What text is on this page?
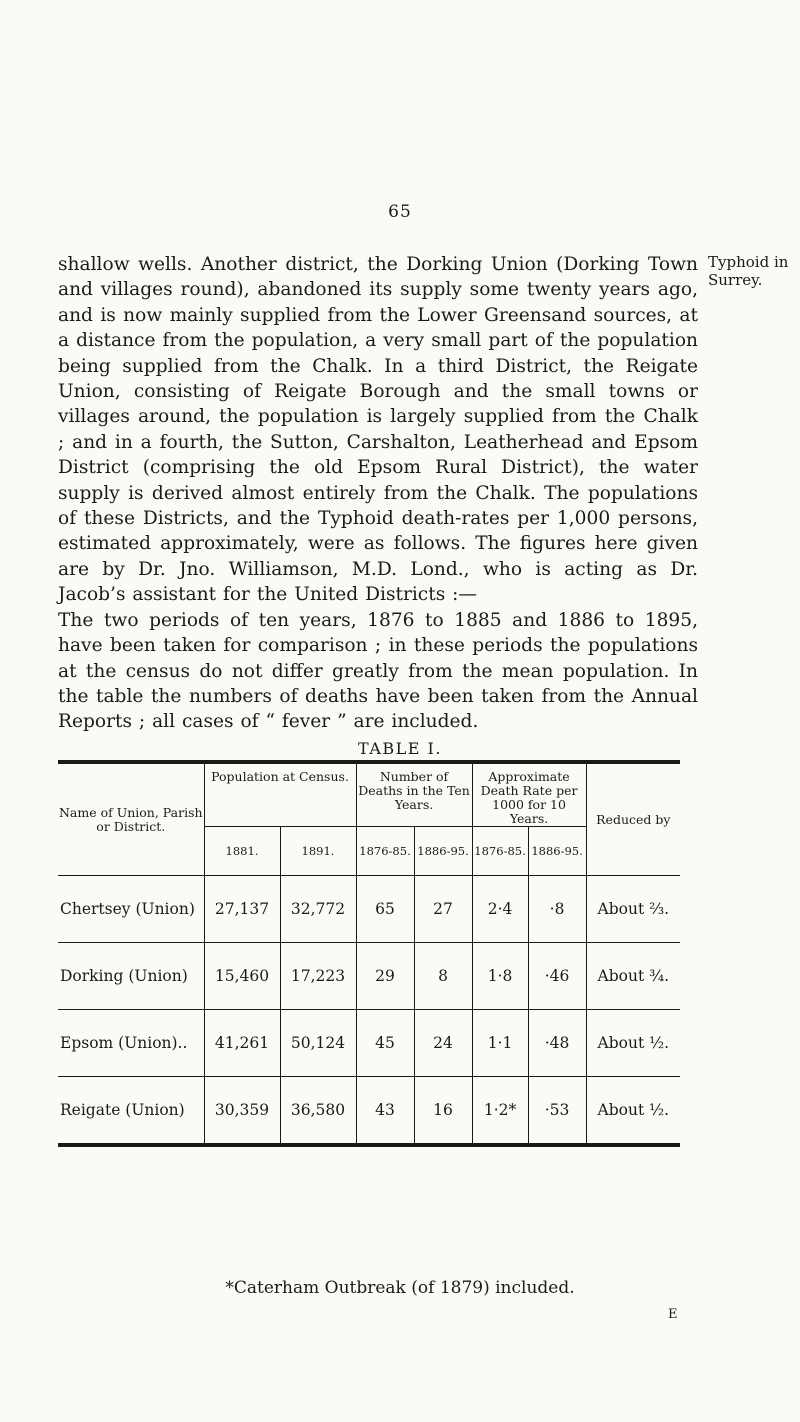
65
Typhoid in
Surrey.

shallow wells. Another district, the Dorking Union (Dorking Town and villages round), abandoned its supply some twenty years ago, and is now mainly supplied from the Lower Greensand sources, at a distance from the population, a very small part of the population being supplied from the Chalk. In a third District, the Reigate Union, consisting of Reigate Borough and the small towns or villages around, the population is largely supplied from the Chalk ; and in a fourth, the Sutton, Carshalton, Leatherhead and Epsom District (comprising the old Epsom Rural District), the water supply is derived almost entirely from the Chalk. The populations of these Districts, and the Typhoid death-rates per 1,000 persons, estimated approximately, were as follows. The figures here given are by Dr. Jno. Williamson, M.D. Lond., who is acting as Dr. Jacob’s assistant for the United Districts :—

The two periods of ten years, 1876 to 1885 and 1886 to 1895, have been taken for comparison ; in these periods the populations at the census do not differ greatly from the mean population. In the table the numbers of deaths have been taken from the Annual Reports ; all cases of “ fever ” are included.

TABLE I.
Name of Union, Parish or District.	Population at Census.		Number of Deaths in the Ten Years.		Approximate Death Rate per 1000 for 10 Years.		Reduced by
	1881.	1891.	1876-85.	1886-95.	1876-85.	1886-95.	
Chertsey (Union)	27,137	32,772	65	27	2·4	·8	About ⅔.
Dorking (Union)	15,460	17,223	29	8	1·8	·46	About ¾.
Epsom (Union)..	41,261	50,124	45	24	1·1	·48	About ½.
Reigate (Union)	30,359	36,580	43	16	1·2*	·53	About ½.
*Caterham Outbreak (of 1879) included.
E
